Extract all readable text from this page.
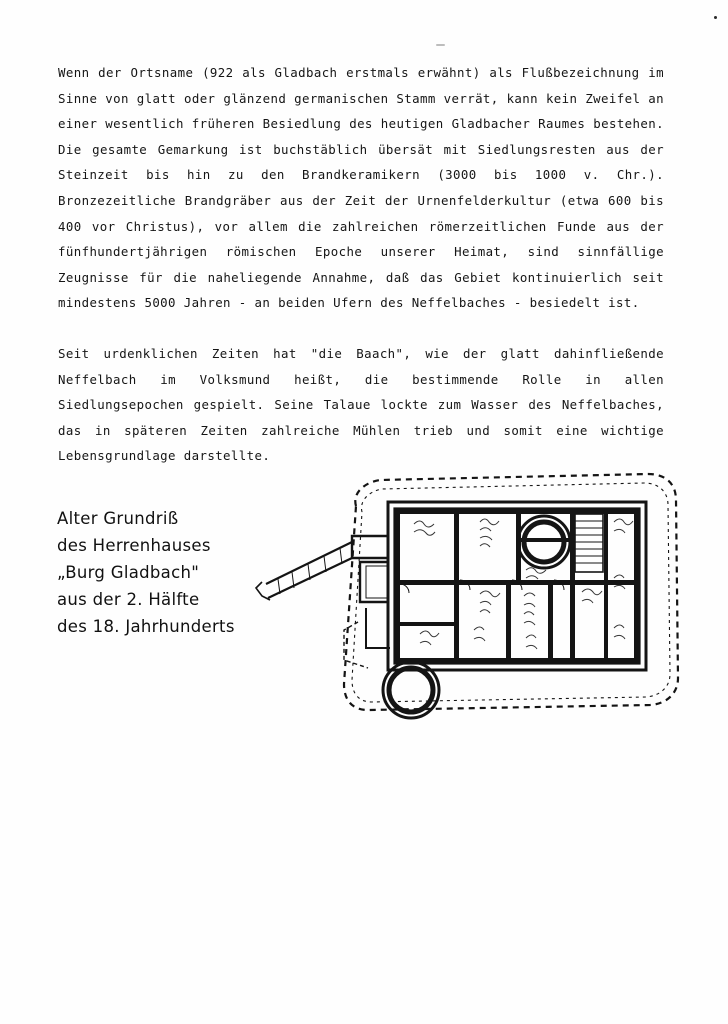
Wenn der Ortsname (922 als Gladbach erstmals erwähnt) als Flußbezeichnung im Sinne von glatt oder glänzend germanischen Stamm verrät, kann kein Zweifel an einer wesentlich früheren Besiedlung des heutigen Gladbacher Raumes bestehen. Die gesamte Gemarkung ist buchstäblich übersät mit Siedlungsresten aus der Steinzeit bis hin zu den Brandkeramikern (3000 bis 1000 v. Chr.). Bronzezeitliche Brandgräber aus der Zeit der Urnenfelderkultur (etwa 600 bis 400 vor Christus), vor allem die zahlreichen römerzeitlichen Funde aus der fünfhundertjährigen römischen Epoche unserer Heimat, sind sinnfällige Zeugnisse für die naheliegende Annahme, daß das Gebiet kontinuierlich seit mindestens 5000 Jahren - an beiden Ufern des Neffelbaches - besiedelt ist.

Seit urdenklichen Zeiten hat "die Baach", wie der glatt dahinfließende Neffelbach im Volksmund heißt, die bestimmende Rolle in allen Siedlungsepochen gespielt. Seine Talaue lockte zum Wasser des Neffelbaches, das in späteren Zeiten zahlreiche Mühlen trieb und somit eine wichtige Lebensgrundlage darstellte.

Alter Grundriß
des Herrenhauses
„Burg Gladbach"
aus der 2. Hälfte
des 18. Jahrhunderts
